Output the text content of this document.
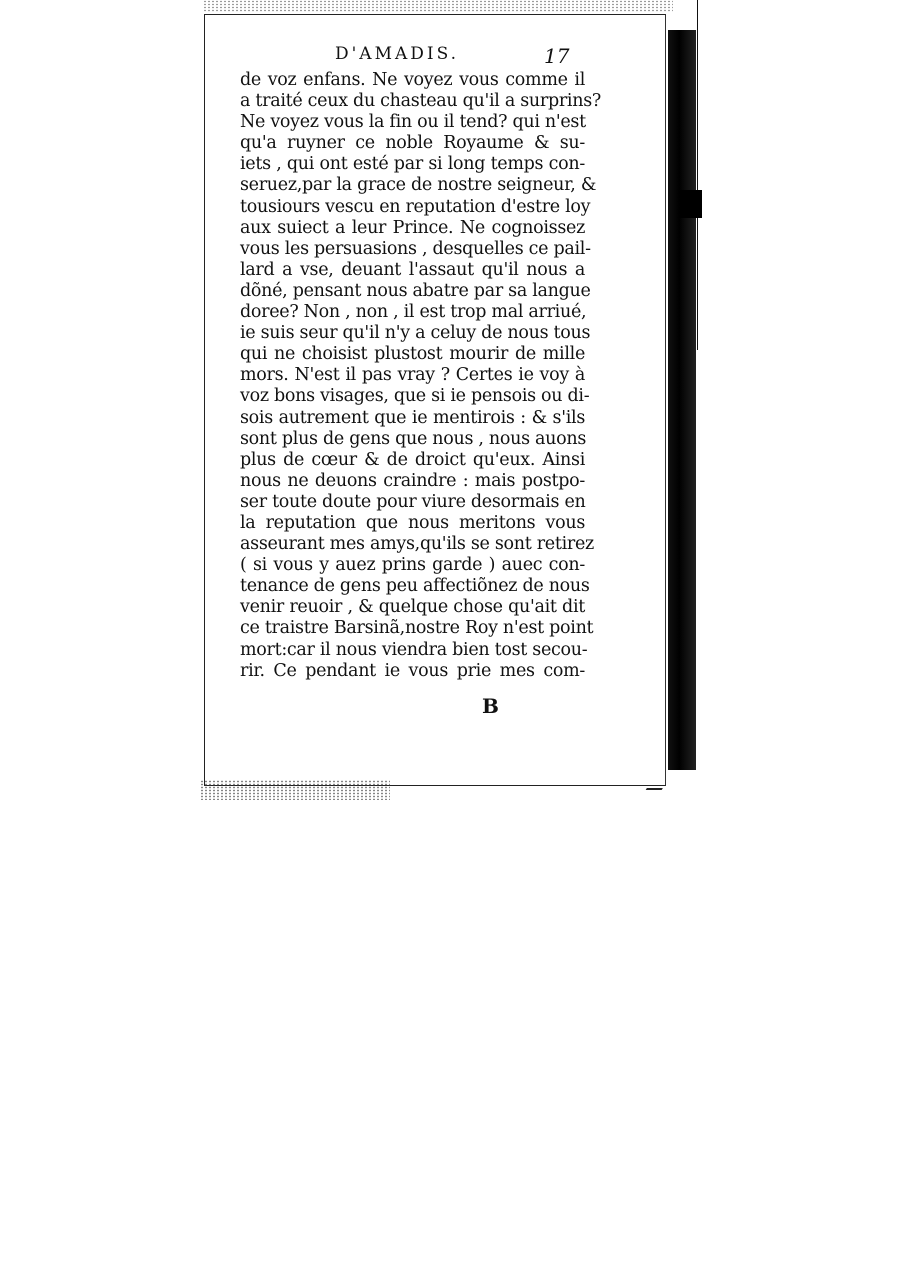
D'AMADIS.	17
de voz enfans. Ne voyez vous comme il
a traité ceux du chasteau qu'il a surprins?
Ne voyez vous la fin ou il tend? qui n'est
qu'a ruyner ce noble Royaume & su-
iets , qui ont esté par si long temps con-
seruez,par la grace de nostre seigneur, &
tousiours vescu en reputation d'estre loy
aux suiect a leur Prince. Ne cognoissez
vous les persuasions , desquelles ce pail-
lard a vse, deuant l'assaut qu'il nous a
dõné, pensant nous abatre par sa langue
doree? Non , non , il est trop mal arriué,
ie suis seur qu'il n'y a celuy de nous tous
qui ne choisist plustost mourir de mille
mors. N'est il pas vray ? Certes ie voy à
voz bons visages, que si ie pensois ou di-
sois autrement que ie mentirois : & s'ils
sont plus de gens que nous , nous auons
plus de cœur & de droict qu'eux. Ainsi
nous ne deuons craindre : mais postpo-
ser toute doute pour viure desormais en
la reputation que nous meritons vous
asseurant mes amys,qu'ils se sont retirez
( si vous y auez prins garde ) auec con-
tenance de gens peu affectiõnez de nous
venir reuoir , & quelque chose qu'ait dit
ce traistre Barsinã,nostre Roy n'est point
mort:car il nous viendra bien tost secou-
rir. Ce pendant ie vous prie mes com-
B
